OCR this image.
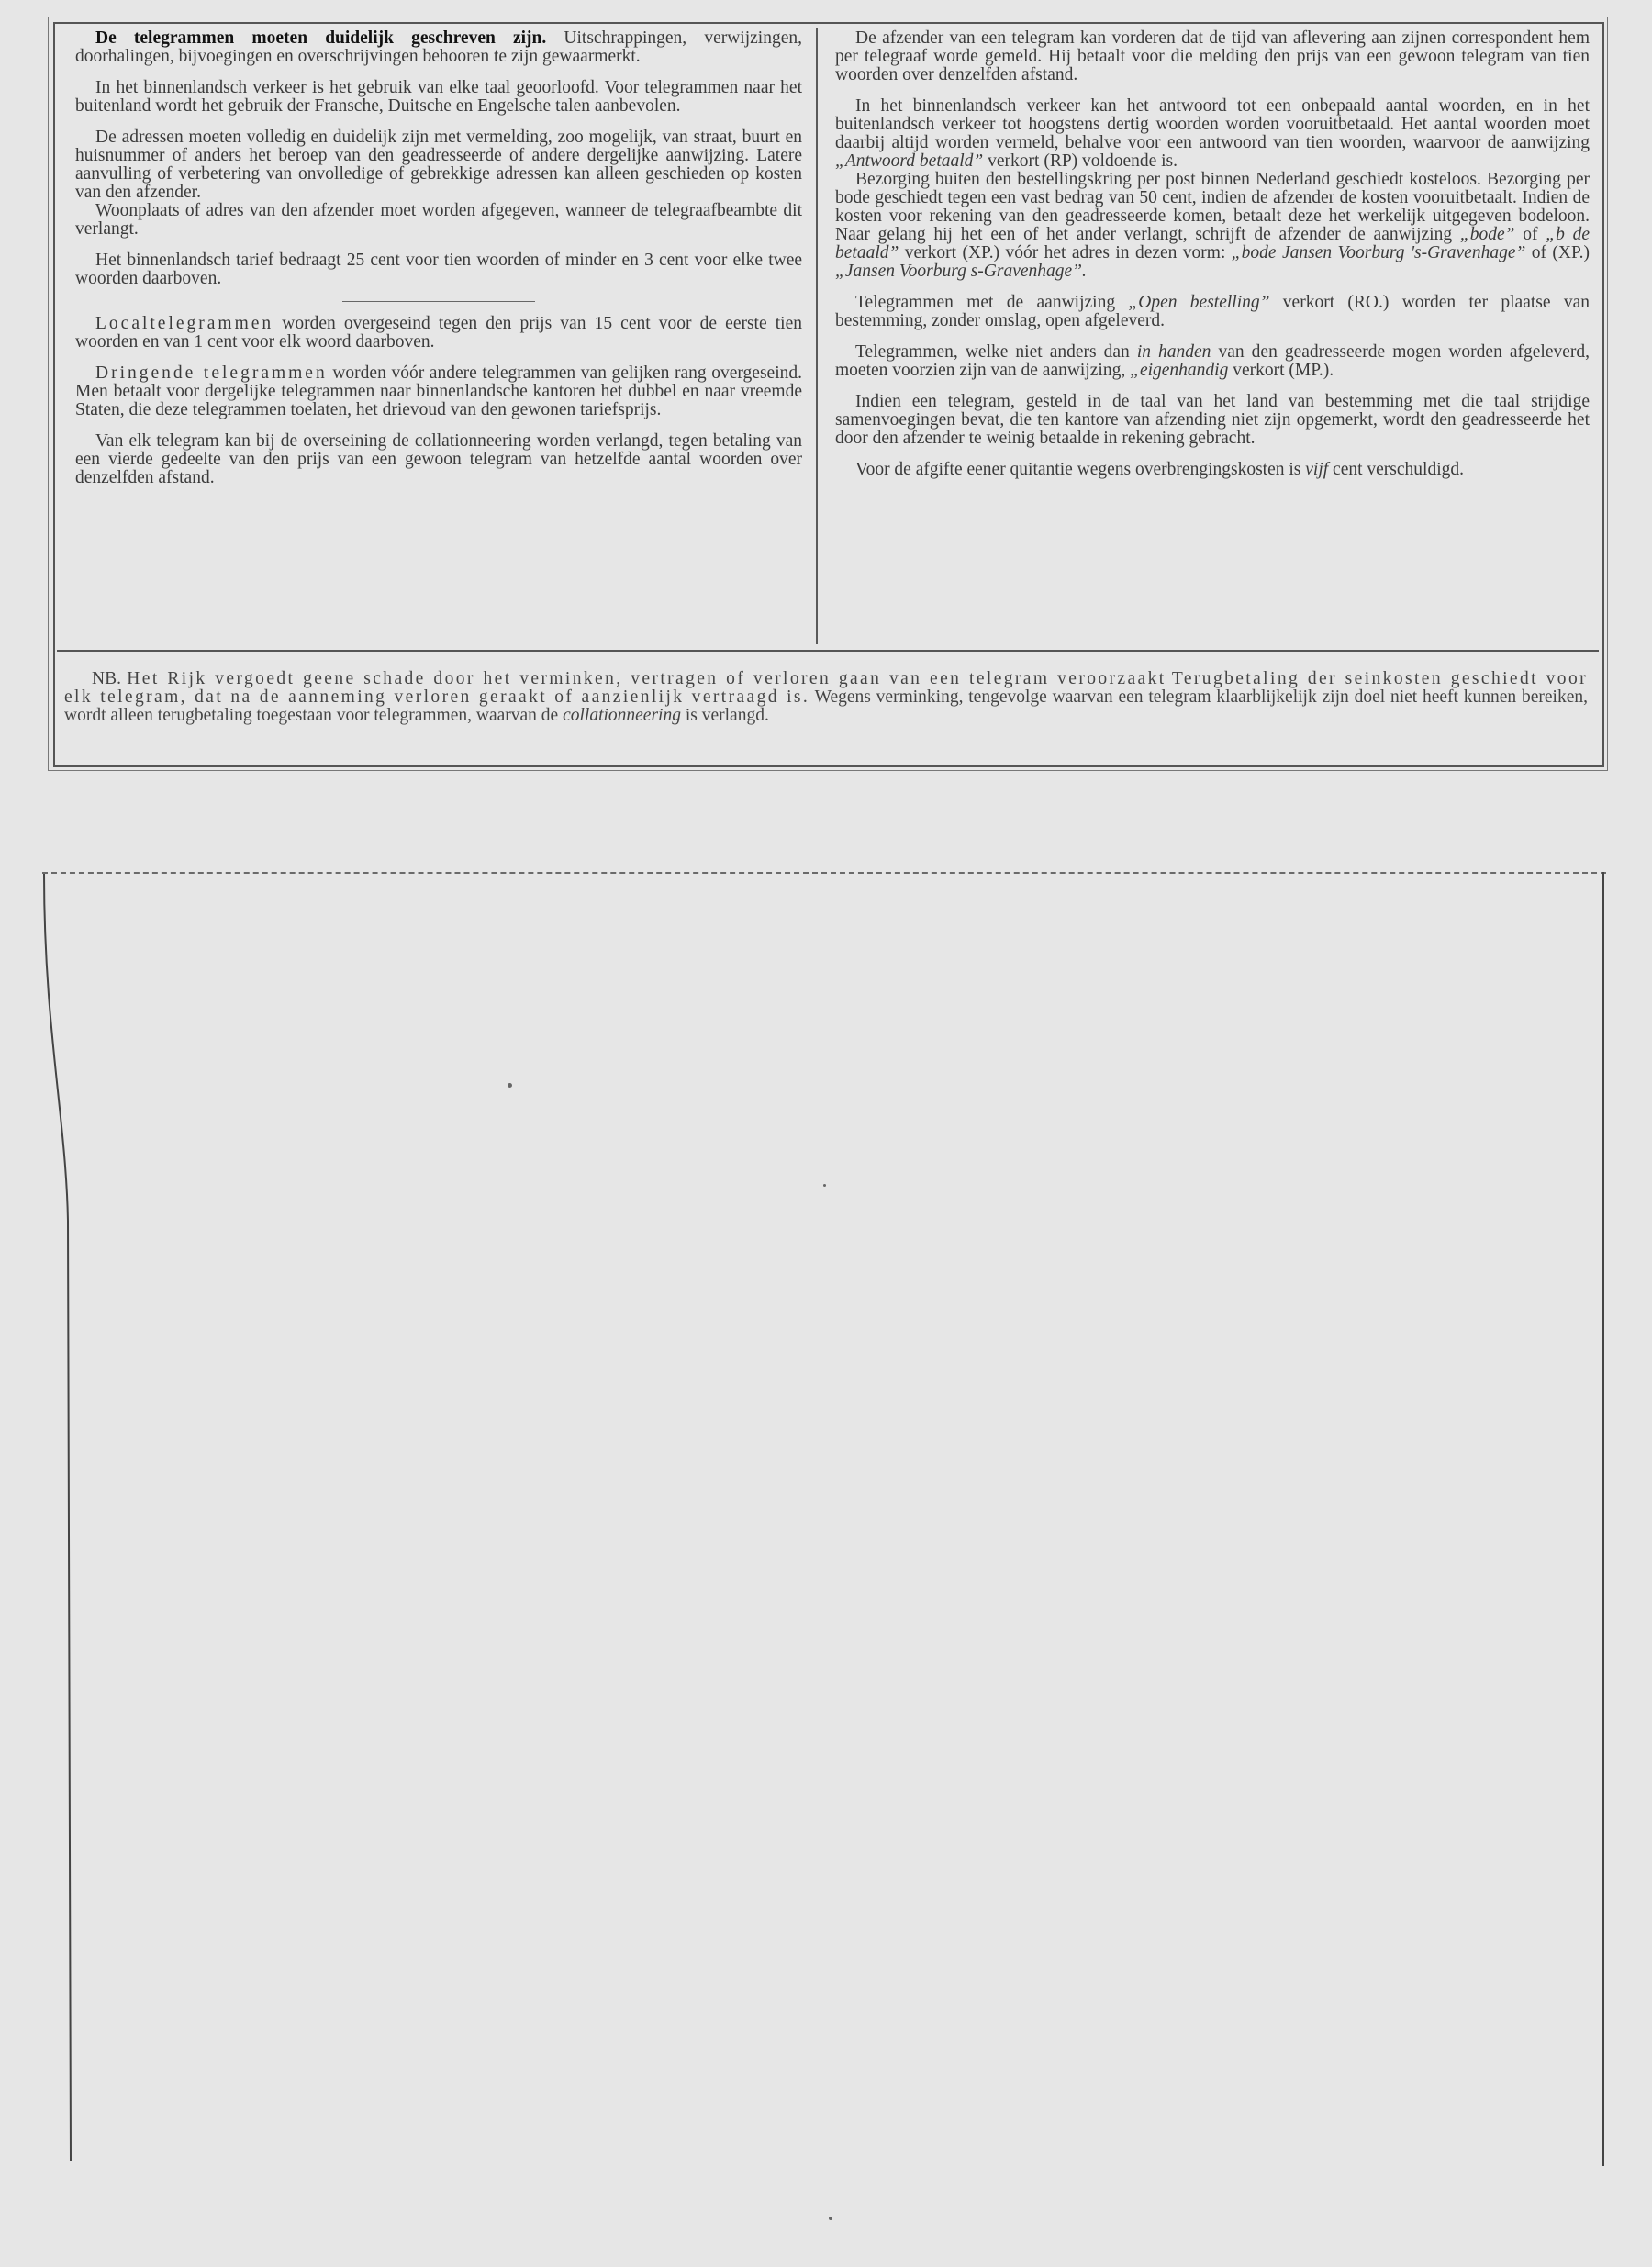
De telegrammen moeten duidelijk geschreven zijn. Uitschrappingen, verwijzingen, doorhalingen, bijvoegingen en overschrijvingen behooren te zijn gewaarmerkt.

In het binnenlandsch verkeer is het gebruik van elke taal geoorloofd. Voor telegrammen naar het buitenland wordt het gebruik der Fransche, Duitsche en Engelsche talen aanbevolen.

De adressen moeten volledig en duidelijk zijn met vermelding, zoo mogelijk, van straat, buurt en huisnummer of anders het beroep van den geadresseerde of andere dergelijke aanwijzing. Latere aanvulling of verbetering van onvolledige of gebrekkige adressen kan alleen geschieden op kosten van den afzender.

Woonplaats of adres van den afzender moet worden afgegeven, wanneer de telegraafbeambte dit verlangt.

Het binnenlandsch tarief bedraagt 25 cent voor tien woorden of minder en 3 cent voor elke twee woorden daarboven.

Localtelegrammen worden overgeseind tegen den prijs van 15 cent voor de eerste tien woorden en van 1 cent voor elk woord daarboven.

Dringende telegrammen worden vóór andere telegrammen van gelijken rang overgeseind. Men betaalt voor dergelijke telegrammen naar binnenlandsche kantoren het dubbel en naar vreemde Staten, die deze telegrammen toelaten, het drievoud van den gewonen tariefsprijs.

Van elk telegram kan bij de overseining de collationneering worden verlangd, tegen betaling van een vierde gedeelte van den prijs van een gewoon telegram van hetzelfde aantal woorden over denzelfden afstand.

De afzender van een telegram kan vorderen dat de tijd van aflevering aan zijnen correspondent hem per telegraaf worde gemeld. Hij betaalt voor die melding den prijs van een gewoon telegram van tien woorden over denzelfden afstand.

In het binnenlandsch verkeer kan het antwoord tot een onbepaald aantal woorden, en in het buitenlandsch verkeer tot hoogstens dertig woorden worden vooruitbetaald. Het aantal woorden moet daarbij altijd worden vermeld, behalve voor een antwoord van tien woorden, waarvoor de aanwijzing „Antwoord betaald” verkort (RP) voldoende is.

Bezorging buiten den bestellingskring per post binnen Nederland geschiedt kosteloos. Bezorging per bode geschiedt tegen een vast bedrag van 50 cent, indien de afzender de kosten vooruitbetaalt. Indien de kosten voor rekening van den geadresseerde komen, betaalt deze het werkelijk uitgegeven bodeloon. Naar gelang hij het een of het ander verlangt, schrijft de afzender de aanwijzing „bode” of „b de betaald” verkort (XP.) vóór het adres in dezen vorm: „bode Jansen Voorburg 's-Gravenhage” of (XP.) „Jansen Voorburg s-Gravenhage”.

Telegrammen met de aanwijzing „Open bestelling” verkort (RO.) worden ter plaatse van bestemming, zonder omslag, open afgeleverd.

Telegrammen, welke niet anders dan in handen van den geadresseerde mogen worden afgeleverd, moeten voorzien zijn van de aanwijzing, „eigenhandig verkort (MP.).

Indien een telegram, gesteld in de taal van het land van bestemming met die taal strijdige samenvoegingen bevat, die ten kantore van afzending niet zijn opgemerkt, wordt den geadresseerde het door den afzender te weinig betaalde in rekening gebracht.

Voor de afgifte eener quitantie wegens overbrengingskosten is vijf cent verschuldigd.

NB. Het Rijk vergoedt geene schade door het verminken, vertragen of verloren gaan van een telegram veroorzaakt Terugbetaling der seinkosten geschiedt voor elk telegram, dat na de aanneming verloren geraakt of aanzienlijk vertraagd is. Wegens verminking, tengevolge waarvan een telegram klaarblijkelijk zijn doel niet heeft kunnen bereiken, wordt alleen terugbetaling toegestaan voor telegrammen, waarvan de collationneering is verlangd.
